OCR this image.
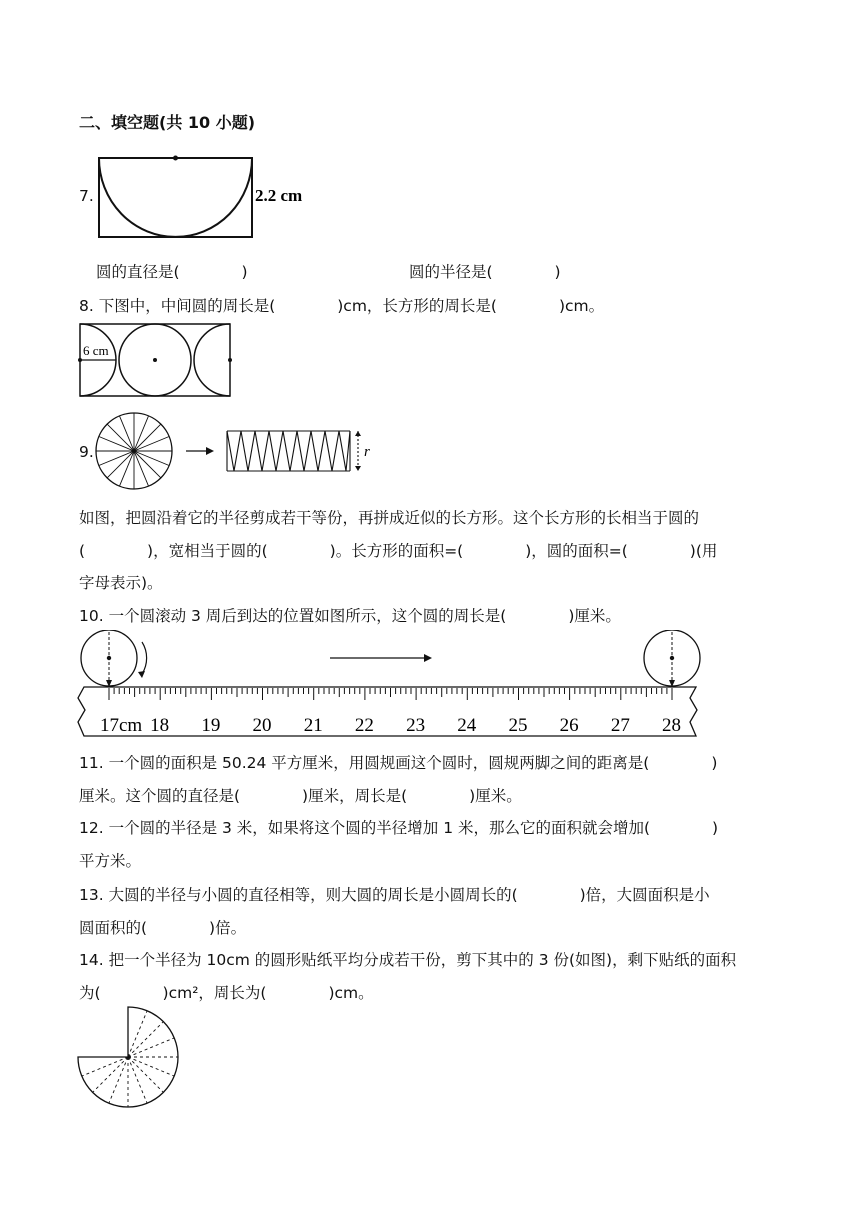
二、填空题(共 10 小题)
7.	2.2 cm
圆的直径是(　　　　)	圆的半径是(　　　　)
8. 下图中，中间圆的周长是(　　　　)cm，长方形的周长是(　　　　)cm。
6 cm
9.	r
如图，把圆沿着它的半径剪成若干等份，再拼成近似的长方形。这个长方形的长相当于圆的
(　　　　)，宽相当于圆的(　　　　)。长方形的面积=(　　　　)，圆的面积=(　　　　)(用
字母表示)。
10. 一个圆滚动 3 周后到达的位置如图所示，这个圆的周长是(　　　　)厘米。
17cm 18 19 20 21 22 23 24 25 26 27 28
11. 一个圆的面积是 50.24 平方厘米，用圆规画这个圆时，圆规两脚之间的距离是(　　　　)
厘米。这个圆的直径是(　　　　)厘米，周长是(　　　　)厘米。
12. 一个圆的半径是 3 米，如果将这个圆的半径增加 1 米，那么它的面积就会增加(　　　　)
平方米。
13. 大圆的半径与小圆的直径相等，则大圆的周长是小圆周长的(　　　　)倍，大圆面积是小
圆面积的(　　　　)倍。
14. 把一个半径为 10cm 的圆形贴纸平均分成若干份，剪下其中的 3 份(如图)，剩下贴纸的面积
为(　　　　)cm²，周长为(　　　　)cm。
